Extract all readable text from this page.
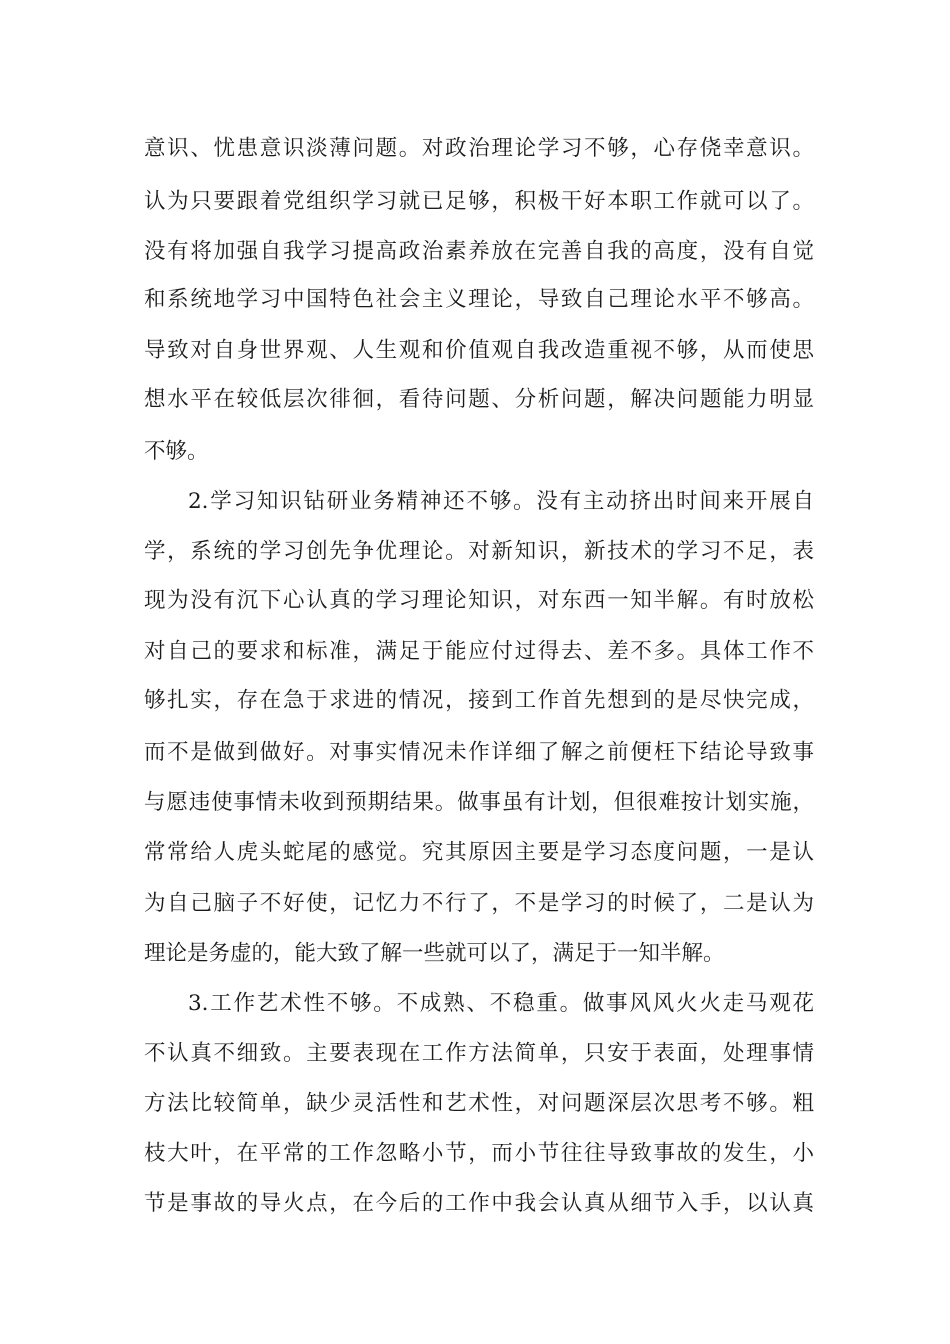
意识、忧患意识淡薄问题。对政治理论学习不够，心存侥幸意识。
认为只要跟着党组织学习就已足够，积极干好本职工作就可以了。
没有将加强自我学习提高政治素养放在完善自我的高度，没有自觉
和系统地学习中国特色社会主义理论，导致自己理论水平不够高。
导致对自身世界观、人生观和价值观自我改造重视不够，从而使思
想水平在较低层次徘徊，看待问题、分析问题，解决问题能力明显
不够。
2.学习知识钻研业务精神还不够。没有主动挤出时间来开展自
学，系统的学习创先争优理论。对新知识，新技术的学习不足，表
现为没有沉下心认真的学习理论知识，对东西一知半解。有时放松
对自己的要求和标准，满足于能应付过得去、差不多。具体工作不
够扎实，存在急于求进的情况，接到工作首先想到的是尽快完成，
而不是做到做好。对事实情况未作详细了解之前便枉下结论导致事
与愿违使事情未收到预期结果。做事虽有计划，但很难按计划实施，
常常给人虎头蛇尾的感觉。究其原因主要是学习态度问题，一是认
为自己脑子不好使，记忆力不行了，不是学习的时候了，二是认为
理论是务虚的，能大致了解一些就可以了，满足于一知半解。
3.工作艺术性不够。不成熟、不稳重。做事风风火火走马观花
不认真不细致。主要表现在工作方法简单，只安于表面，处理事情
方法比较简单，缺少灵活性和艺术性，对问题深层次思考不够。粗
枝大叶，在平常的工作忽略小节，而小节往往导致事故的发生，小
节是事故的导火点，在今后的工作中我会认真从细节入手，以认真
